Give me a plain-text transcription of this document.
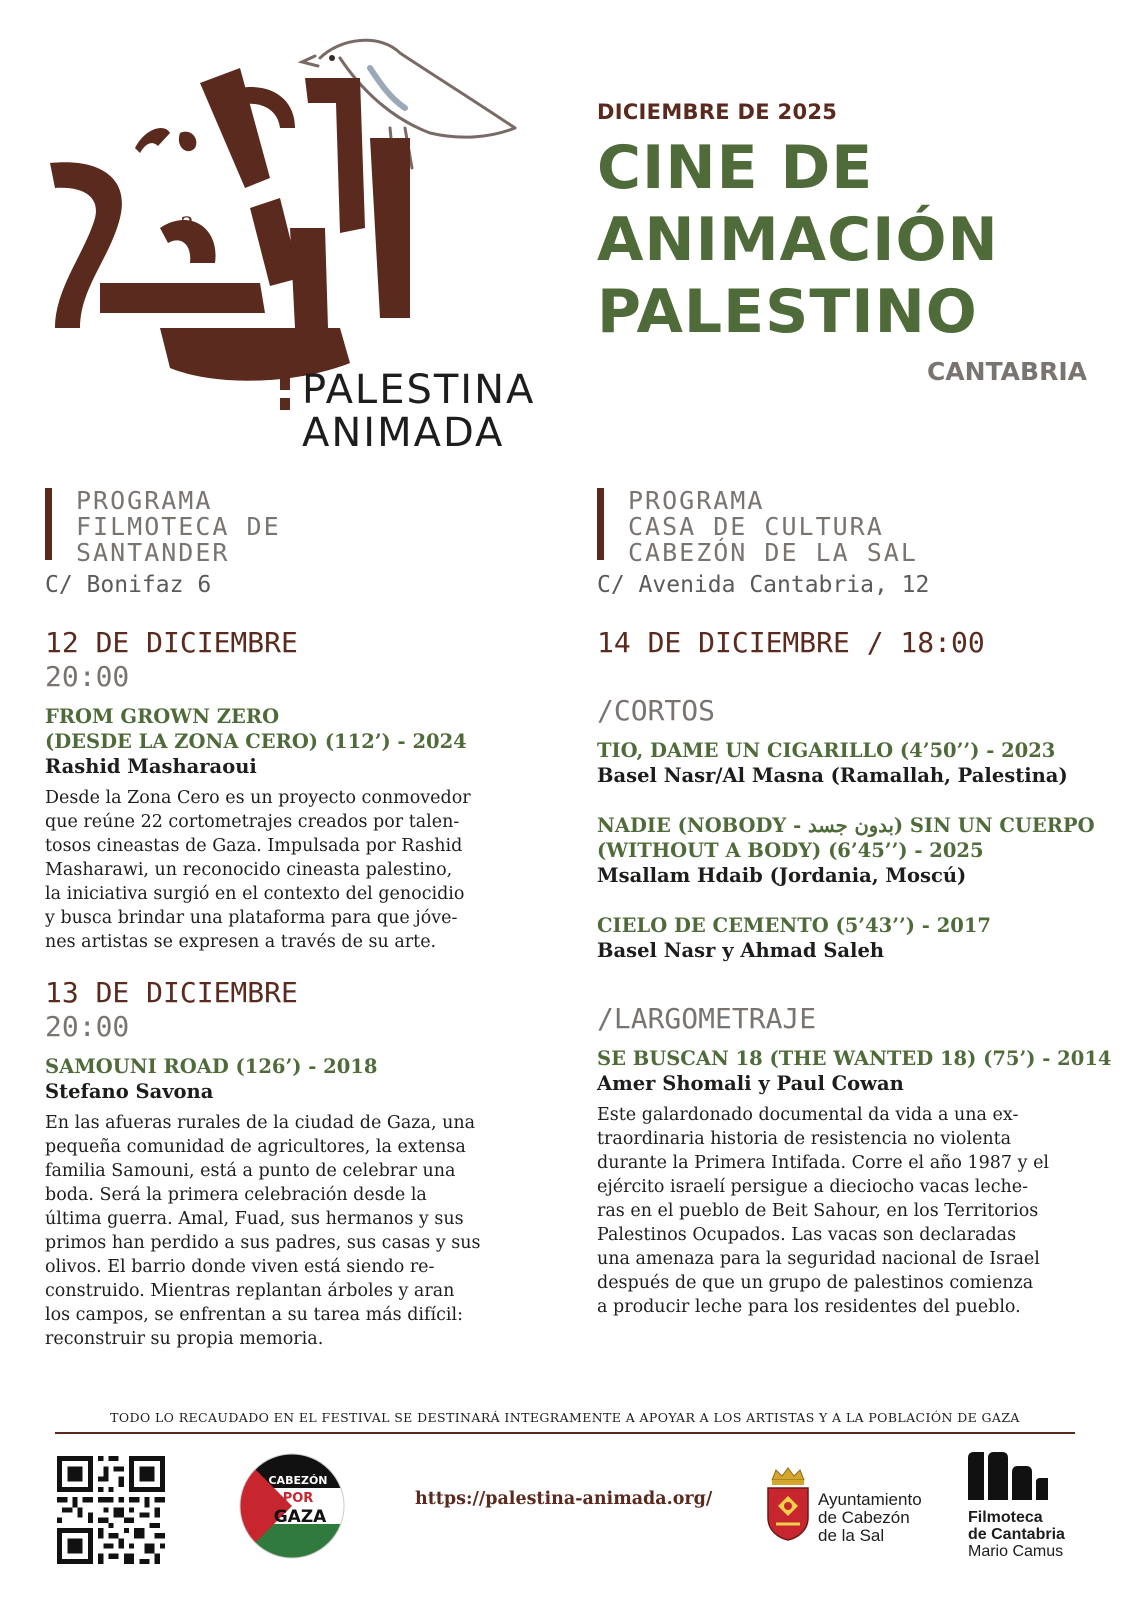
3
PALESTINA
ANIMADA
DICIEMBRE DE 2025
CINE DE
ANIMACIÓN
PALESTINO
CANTABRIA
PROGRAMA
FILMOTECA DE
SANTANDER
C/ Bonifaz 6
12 DE DICIEMBRE
20:00
FROM GROWN ZERO
(DESDE LA ZONA CERO) (112’) - 2024
Rashid Masharaoui
Desde la Zona Cero es un proyecto conmovedor
que reúne 22 cortometrajes creados por talen-
tosos cineastas de Gaza. Impulsada por Rashid
Masharawi, un reconocido cineasta palestino,
la iniciativa surgió en el contexto del genocidio
y busca brindar una plataforma para que jóve-
nes artistas se expresen a través de su arte.
13 DE DICIEMBRE
20:00
SAMOUNI ROAD (126’) - 2018
Stefano Savona
En las afueras rurales de la ciudad de Gaza, una
pequeña comunidad de agricultores, la extensa
familia Samouni, está a punto de celebrar una
boda. Será la primera celebración desde la
última guerra. Amal, Fuad, sus hermanos y sus
primos han perdido a sus padres, sus casas y sus
olivos. El barrio donde viven está siendo re-
construido. Mientras replantan árboles y aran
los campos, se enfrentan a su tarea más difícil:
reconstruir su propia memoria.
PROGRAMA
CASA DE CULTURA
CABEZÓN DE LA SAL
C/ Avenida Cantabria, 12
14 DE DICIEMBRE / 18:00
/CORTOS
TIO, DAME UN CIGARILLO (4’50’’) - 2023
Basel Nasr/Al Masna (Ramallah, Palestina)
NADIE (NOBODY - بدون جسد) SIN UN CUERPO
(WITHOUT A BODY) (6’45’’) - 2025
Msallam Hdaib (Jordania, Moscú)
CIELO DE CEMENTO (5’43’’) - 2017
Basel Nasr y Ahmad Saleh
/LARGOMETRAJE
SE BUSCAN 18 (THE WANTED 18) (75’) - 2014
Amer Shomali y Paul Cowan
Este galardonado documental da vida a una ex-
traordinaria historia de resistencia no violenta
durante la Primera Intifada. Corre el año 1987 y el
ejército israelí persigue a dieciocho vacas leche-
ras en el pueblo de Beit Sahour, en los Territorios
Palestinos Ocupados. Las vacas son declaradas
una amenaza para la seguridad nacional de Israel
después de que un grupo de palestinos comienza
a producir leche para los residentes del pueblo.
TODO LO RECAUDADO EN EL FESTIVAL SE DESTINARÁ INTEGRAMENTE A APOYAR A LOS ARTISTAS Y A LA POBLACIÓN DE GAZA
CABEZÓN
POR
GAZA
https://palestina-animada.org/	Ayuntamiento
de Cabezón
de la Sal
Filmoteca
de Cantabria
Mario Camus
